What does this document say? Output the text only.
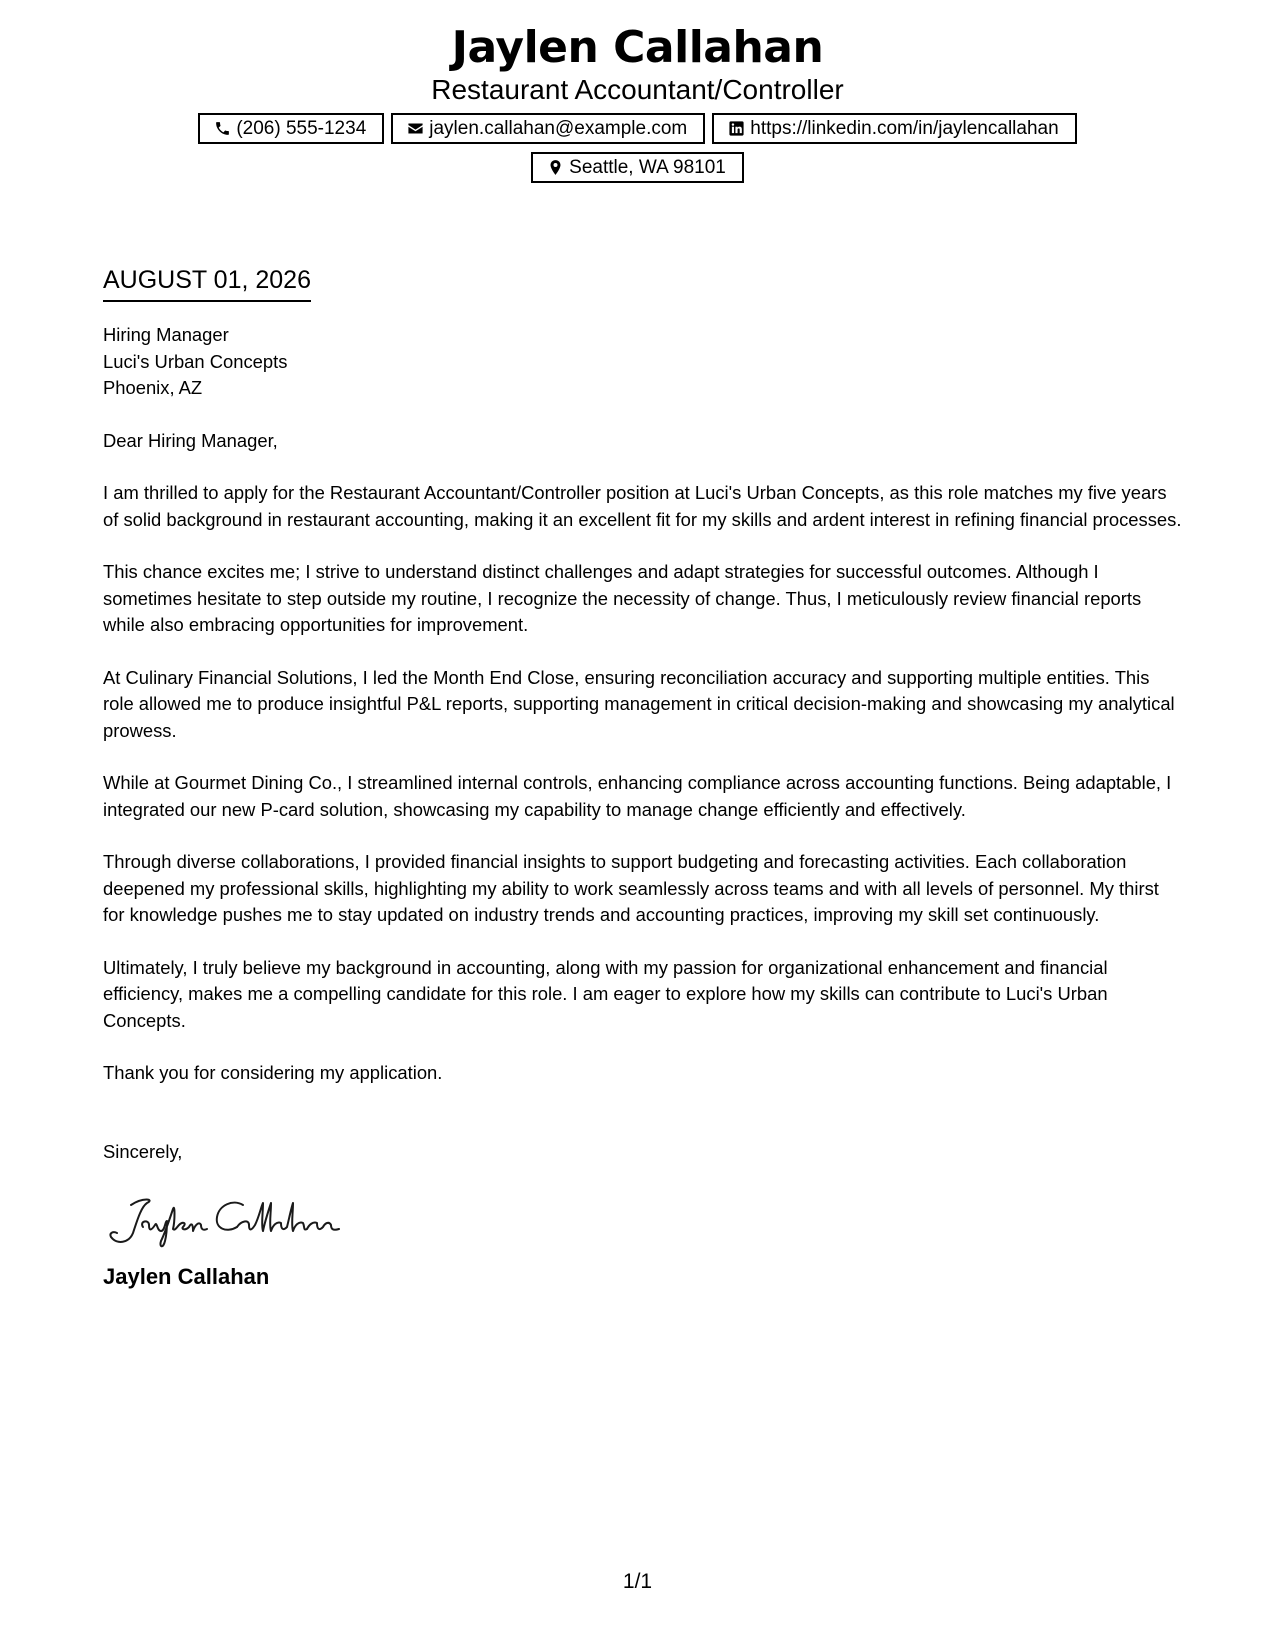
Jaylen Callahan
Restaurant Accountant/Controller
(206) 555-1234	jaylen.callahan@example.com	https://linkedin.com/in/jaylencallahan
Seattle, WA 98101
AUGUST 01, 2026
Hiring Manager
Luci's Urban Concepts
Phoenix, AZ
Dear Hiring Manager,
I am thrilled to apply for the Restaurant Accountant/Controller position at Luci's Urban Concepts, as this role matches my five years of solid background in restaurant accounting, making it an excellent fit for my skills and ardent interest in refining financial processes.
This chance excites me; I strive to understand distinct challenges and adapt strategies for successful outcomes. Although I sometimes hesitate to step outside my routine, I recognize the necessity of change. Thus, I meticulously review financial reports while also embracing opportunities for improvement.
At Culinary Financial Solutions, I led the Month End Close, ensuring reconciliation accuracy and supporting multiple entities. This role allowed me to produce insightful P&L reports, supporting management in critical decision-making and showcasing my analytical prowess.
While at Gourmet Dining Co., I streamlined internal controls, enhancing compliance across accounting functions. Being adaptable, I integrated our new P-card solution, showcasing my capability to manage change efficiently and effectively.
Through diverse collaborations, I provided financial insights to support budgeting and forecasting activities. Each collaboration deepened my professional skills, highlighting my ability to work seamlessly across teams and with all levels of personnel. My thirst for knowledge pushes me to stay updated on industry trends and accounting practices, improving my skill set continuously.
Ultimately, I truly believe my background in accounting, along with my passion for organizational enhancement and financial efficiency, makes me a compelling candidate for this role. I am eager to explore how my skills can contribute to Luci's Urban Concepts.
Thank you for considering my application.
Sincerely,
Jaylen Callahan
1/1
